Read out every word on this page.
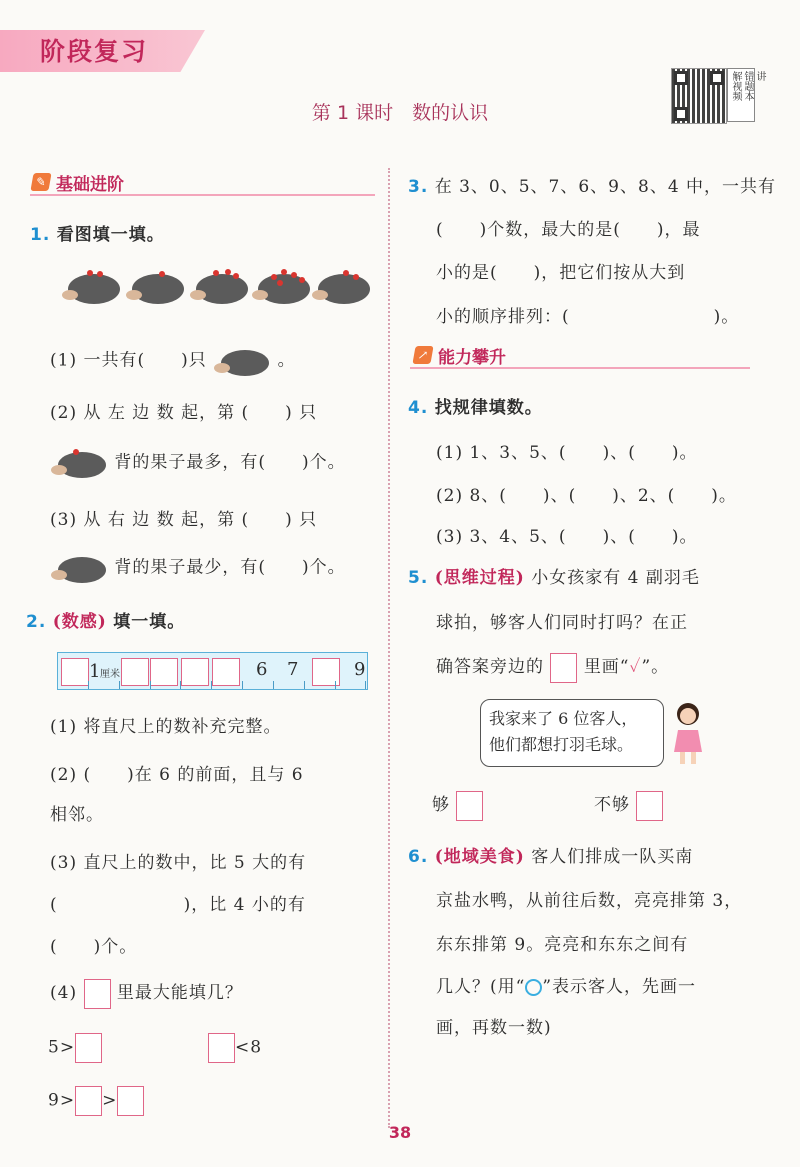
阶段复习
第 1 课时　数的认识
解视频 错题本 讲
✎ 基础进阶
1. 看图填一填。
(1) 一共有(　　)只	。
(2) 从 左 边 数 起，第 (　　) 只
背的果子最多，有(　　)个。
(3) 从 右 边 数 起，第 (　　) 只
背的果子最少，有(　　)个。
2. (数感) 填一填。
1 厘米	6 7	9
(1) 将直尺上的数补充完整。
(2) (　　)在 6 的前面，且与 6
相邻。
(3) 直尺上的数中，比 5 大的有
(　　　　　　　)，比 4 小的有
(　　)个。
(4) 里最大能填几？
5>	<8
9> >
3. 在 3、0、5、7、6、9、8、4 中，一共有
(　　)个数，最大的是(　　)，最
小的是(　　)，把它们按从大到
小的顺序排列：(　　　　　　　　)。
↗ 能力攀升
4. 找规律填数。
(1) 1、3、5、(　　)、(　　)。
(2) 8、(　　)、(　　)、2、(　　)。
(3) 3、4、5、(　　)、(　　)。
5. (思维过程) 小女孩家有 4 副羽毛
球拍，够客人们同时打吗？在正
确答案旁边的 里画“✓”。
我家来了 6 位客人，
他们都想打羽毛球。
够	不够
6. (地域美食) 客人们排成一队买南
京盐水鸭，从前往后数，亮亮排第 3，
东东排第 9。亮亮和东东之间有
几人？(用“ ”表示客人，先画一
画，再数一数)
38
